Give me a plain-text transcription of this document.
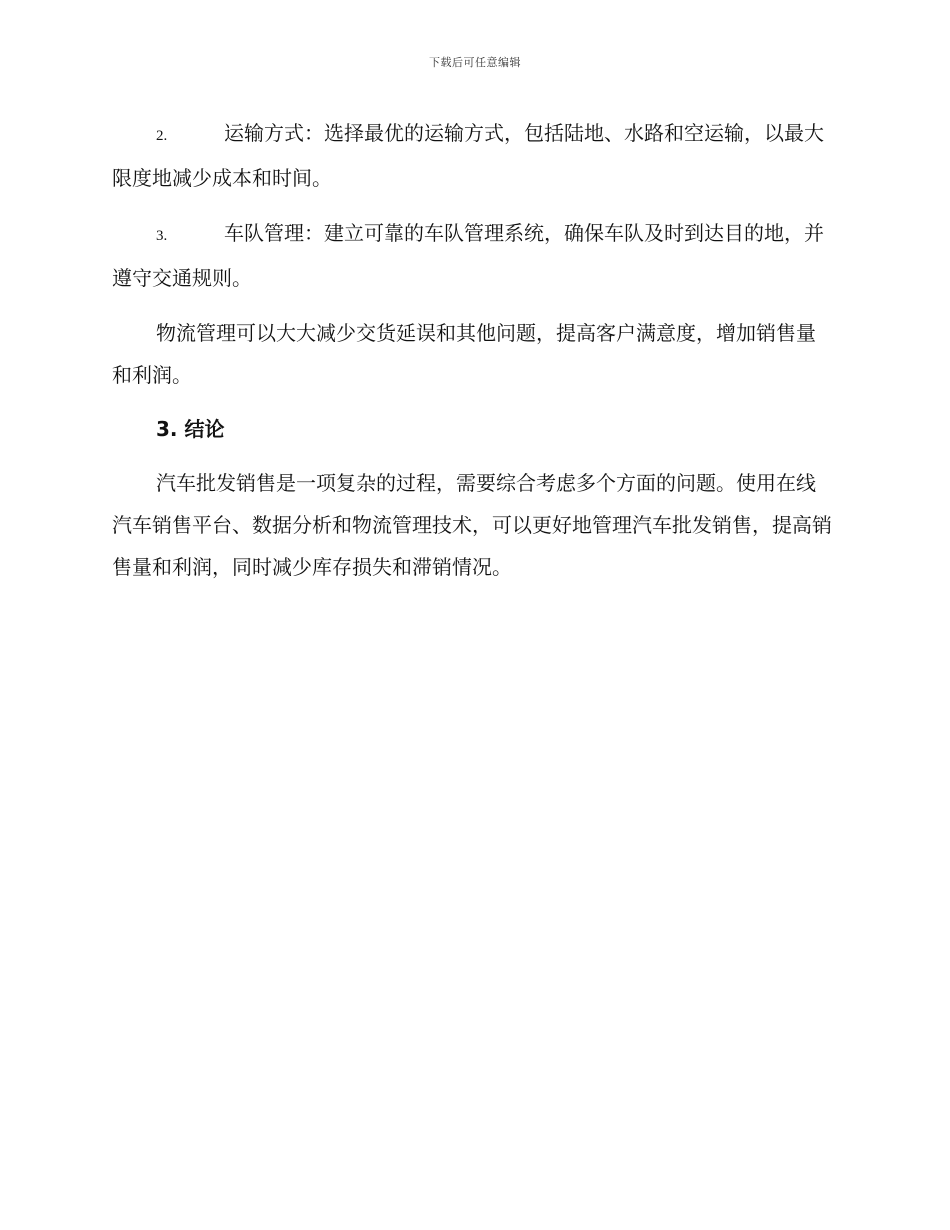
下载后可任意编辑

2.	运输方式：选择最优的运输方式，包括陆地、水路和空运输，以最大限度地减少成本和时间。

3.	车队管理：建立可靠的车队管理系统，确保车队及时到达目的地，并遵守交通规则。

物流管理可以大大减少交货延误和其他问题，提高客户满意度，增加销售量和利润。

3. 结论

汽车批发销售是一项复杂的过程，需要综合考虑多个方面的问题。使用在线汽车销售平台、数据分析和物流管理技术，可以更好地管理汽车批发销售，提高销售量和利润，同时减少库存损失和滞销情况。
